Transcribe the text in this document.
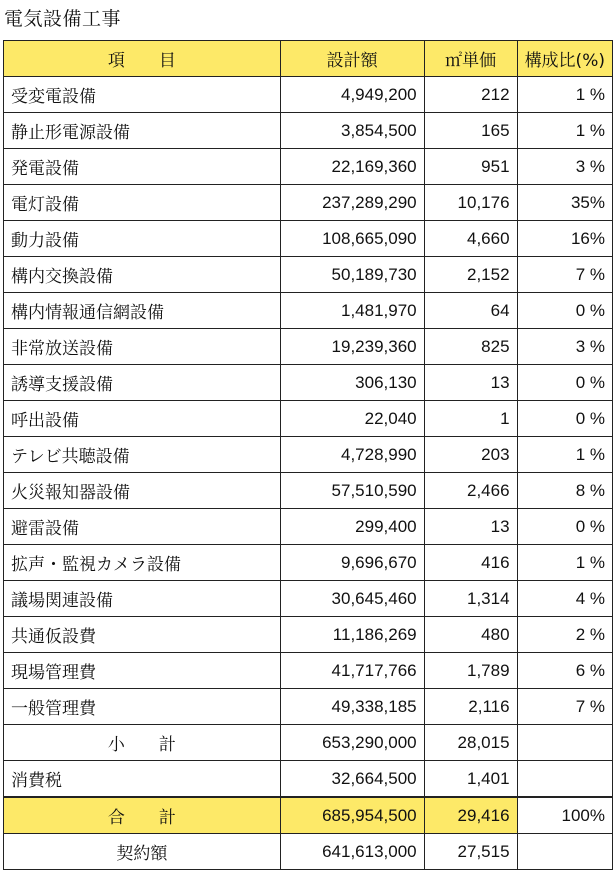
電気設備工事
項　　目	設計額	㎡単価	構成比(%)
受変電設備	4,949,200	212	1 %
静止形電源設備	3,854,500	165	1 %
発電設備	22,169,360	951	3 %
電灯設備	237,289,290	10,176	35%
動力設備	108,665,090	4,660	16%
構内交換設備	50,189,730	2,152	7 %
構内情報通信網設備	1,481,970	64	0 %
非常放送設備	19,239,360	825	3 %
誘導支援設備	306,130	13	0 %
呼出設備	22,040	1	0 %
テレビ共聴設備	4,728,990	203	1 %
火災報知器設備	57,510,590	2,466	8 %
避雷設備	299,400	13	0 %
拡声・監視カメラ設備	9,696,670	416	1 %
議場関連設備	30,645,460	1,314	4 %
共通仮設費	11,186,269	480	2 %
現場管理費	41,717,766	1,789	6 %
一般管理費	49,338,185	2,116	7 %
小　　計	653,290,000	28,015	
消費税	32,664,500	1,401	
合　　計	685,954,500	29,416	100%
契約額	641,613,000	27,515	
